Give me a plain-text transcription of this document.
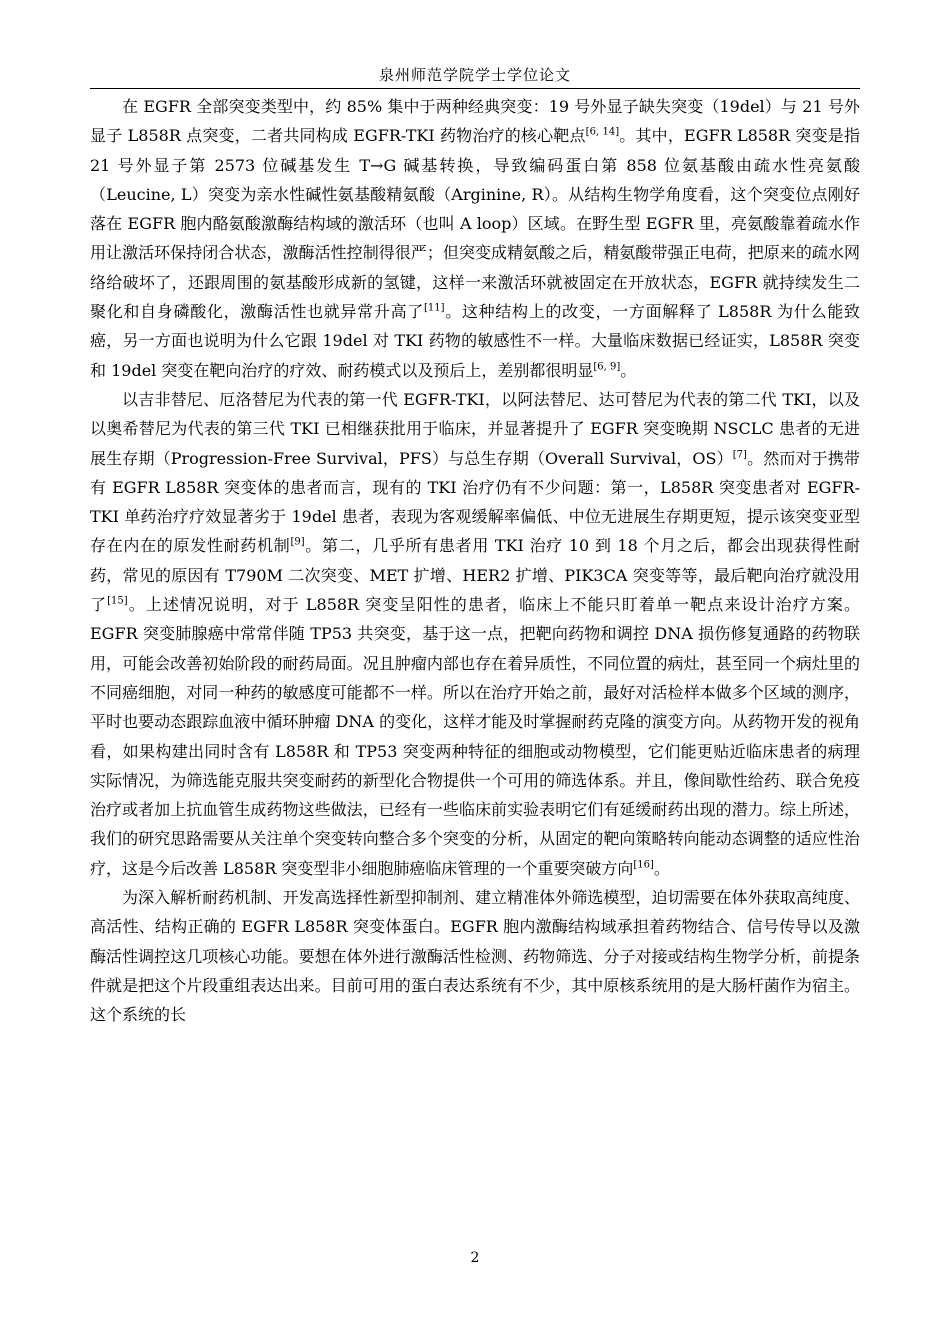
泉州师范学院学士学位论文

在 EGFR 全部突变类型中，约 85% 集中于两种经典突变：19 号外显子缺失突变（19del）与 21 号外显子 L858R 点突变，二者共同构成 EGFR-TKI 药物治疗的核心靶点[6, 14]。其中，EGFR L858R 突变是指 21 号外显子第 2573 位碱基发生 T→G 碱基转换，导致编码蛋白第 858 位氨基酸由疏水性亮氨酸（Leucine, L）突变为亲水性碱性氨基酸精氨酸（Arginine, R）。从结构生物学角度看，这个突变位点刚好落在 EGFR 胞内酪氨酸激酶结构域的激活环（也叫 A loop）区域。在野生型 EGFR 里，亮氨酸靠着疏水作用让激活环保持闭合状态，激酶活性控制得很严；但突变成精氨酸之后，精氨酸带强正电荷，把原来的疏水网络给破坏了，还跟周围的氨基酸形成新的氢键，这样一来激活环就被固定在开放状态，EGFR 就持续发生二聚化和自身磷酸化，激酶活性也就异常升高了[11]。这种结构上的改变，一方面解释了 L858R 为什么能致癌，另一方面也说明为什么它跟 19del 对 TKI 药物的敏感性不一样。大量临床数据已经证实，L858R 突变和 19del 突变在靶向治疗的疗效、耐药模式以及预后上，差别都很明显[6, 9]。

以吉非替尼、厄洛替尼为代表的第一代 EGFR-TKI，以阿法替尼、达可替尼为代表的第二代 TKI，以及以奥希替尼为代表的第三代 TKI 已相继获批用于临床，并显著提升了 EGFR 突变晚期 NSCLC 患者的无进展生存期（Progression-Free Survival，PFS）与总生存期（Overall Survival，OS）[7]。然而对于携带有 EGFR L858R 突变体的患者而言，现有的 TKI 治疗仍有不少问题：第一，L858R 突变患者对 EGFR-TKI 单药治疗疗效显著劣于 19del 患者，表现为客观缓解率偏低、中位无进展生存期更短，提示该突变亚型存在内在的原发性耐药机制[9]。第二，几乎所有患者用 TKI 治疗 10 到 18 个月之后，都会出现获得性耐药，常见的原因有 T790M 二次突变、MET 扩增、HER2 扩增、PIK3CA 突变等等，最后靶向治疗就没用了[15]。上述情况说明，对于 L858R 突变呈阳性的患者，临床上不能只盯着单一靶点来设计治疗方案。EGFR 突变肺腺癌中常常伴随 TP53 共突变，基于这一点，把靶向药物和调控 DNA 损伤修复通路的药物联用，可能会改善初始阶段的耐药局面。况且肿瘤内部也存在着异质性，不同位置的病灶，甚至同一个病灶里的不同癌细胞，对同一种药的敏感度可能都不一样。所以在治疗开始之前，最好对活检样本做多个区域的测序，平时也要动态跟踪血液中循环肿瘤 DNA 的变化，这样才能及时掌握耐药克隆的演变方向。从药物开发的视角看，如果构建出同时含有 L858R 和 TP53 突变两种特征的细胞或动物模型，它们能更贴近临床患者的病理实际情况，为筛选能克服共突变耐药的新型化合物提供一个可用的筛选体系。并且，像间歇性给药、联合免疫治疗或者加上抗血管生成药物这些做法，已经有一些临床前实验表明它们有延缓耐药出现的潜力。综上所述，我们的研究思路需要从关注单个突变转向整合多个突变的分析，从固定的靶向策略转向能动态调整的适应性治疗，这是今后改善 L858R 突变型非小细胞肺癌临床管理的一个重要突破方向[16]。

为深入解析耐药机制、开发高选择性新型抑制剂、建立精准体外筛选模型，迫切需要在体外获取高纯度、高活性、结构正确的 EGFR L858R 突变体蛋白。EGFR 胞内激酶结构域承担着药物结合、信号传导以及激酶活性调控这几项核心功能。要想在体外进行激酶活性检测、药物筛选、分子对接或结构生物学分析，前提条件就是把这个片段重组表达出来。目前可用的蛋白表达系统有不少，其中原核系统用的是大肠杆菌作为宿主。这个系统的长

2
